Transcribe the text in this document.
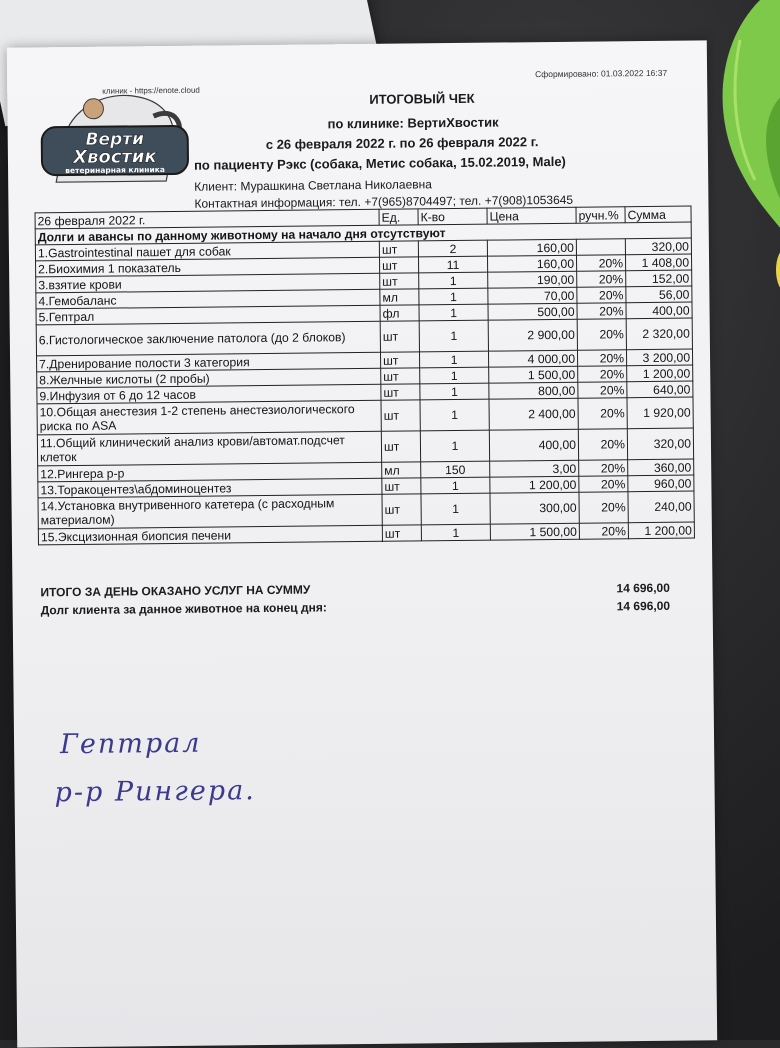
Верти
Хвостик
ветеринарная клиника
клиник - https://enote.cloud
Сформировано: 01.03.2022 16:37
ИТОГОВЫЙ ЧЕК
по клинике: ВертиХвостик
с 26 февраля 2022 г. по 26 февраля 2022 г.
по пациенту Рэкс (собака, Метис собака, 15.02.2019, Male)
Клиент: Мурашкина Светлана Николаевна
Контактная информация: тел. +7(965)8704497; тел. +7(908)1053645
26 февраля 2022 г.	Ед.	К-во	Цена	ручн.%	Сумма
Долги и авансы по данному животному на начало дня отсутствуют					
1.Gastrointestinal пашет для собак	шт	2	160,00		320,00
2.Биохимия 1 показатель	шт	11	160,00	20%	1 408,00
3.взятие крови	шт	1	190,00	20%	152,00
4.Гемобаланс	мл	1	70,00	20%	56,00
5.Гептрал	фл	1	500,00	20%	400,00
6.Гистологическое заключение патолога (до 2 блоков)	шт	1	2 900,00	20%	2 320,00
7.Дренирование полости 3 категория	шт	1	4 000,00	20%	3 200,00
8.Желчные кислоты (2 пробы)	шт	1	1 500,00	20%	1 200,00
9.Инфузия от 6 до 12 часов	шт	1	800,00	20%	640,00
10.Общая анестезия 1-2 степень анестезиологического риска по ASA	шт	1	2 400,00	20%	1 920,00
11.Общий клинический анализ крови/автомат.подсчет клеток	шт	1	400,00	20%	320,00
12.Рингера р-р	мл	150	3,00	20%	360,00
13.Торакоцентез\абдоминоцентез	шт	1	1 200,00	20%	960,00
14.Установка внутривенного катетера (с расходным материалом)	шт	1	300,00	20%	240,00
15.Эксцизионная биопсия печени	шт	1	1 500,00	20%	1 200,00
ИТОГО ЗА ДЕНЬ ОКАЗАНО УСЛУГ НА СУММУ	14 696,00
Долг клиента за данное животное на конец дня:	14 696,00
Гептрал
р-р Рингера.
